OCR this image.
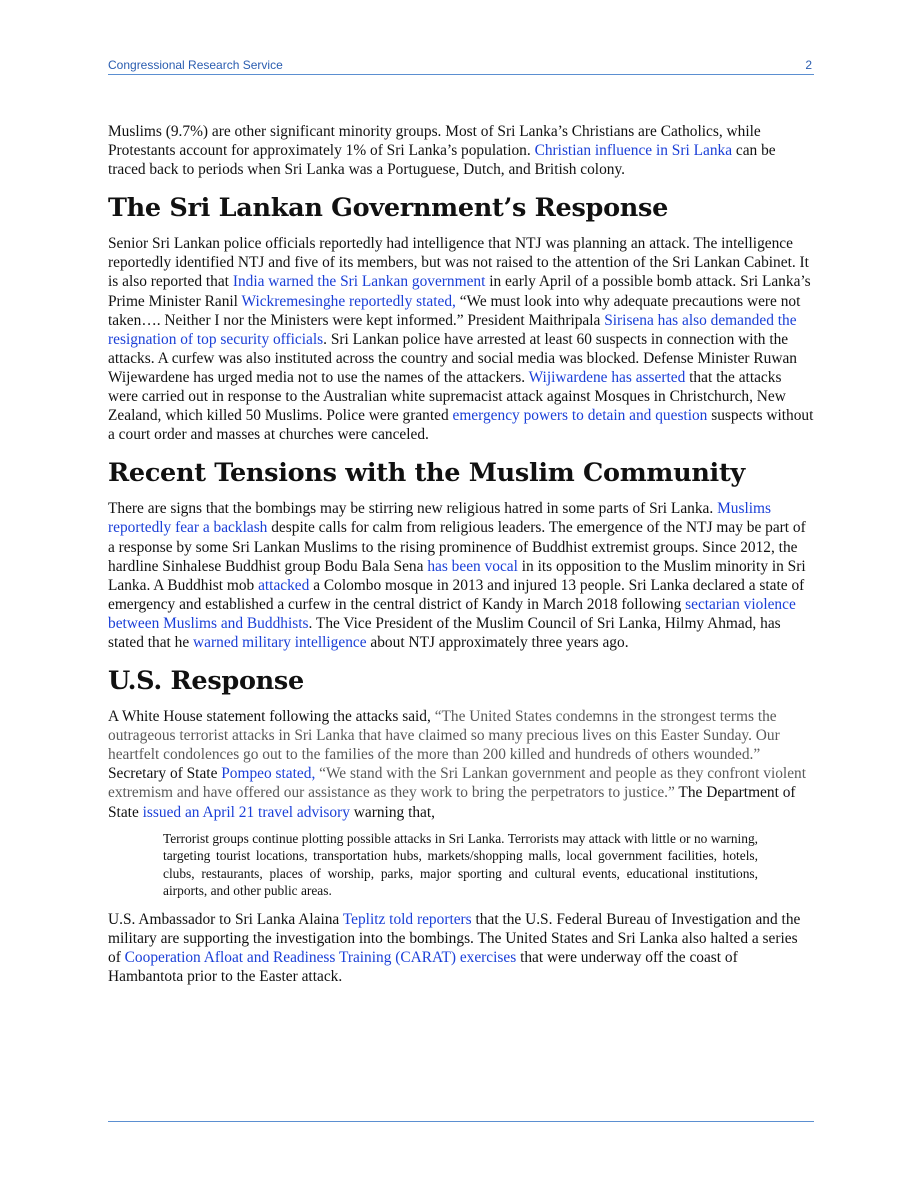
Congressional Research Service	2

Muslims (9.7%) are other significant minority groups. Most of Sri Lanka’s Christians are Catholics, while Protestants account for approximately 1% of Sri Lanka’s population. Christian influence in Sri Lanka can be traced back to periods when Sri Lanka was a Portuguese, Dutch, and British colony.

The Sri Lankan Government’s Response

Senior Sri Lankan police officials reportedly had intelligence that NTJ was planning an attack. The intelligence reportedly identified NTJ and five of its members, but was not raised to the attention of the Sri Lankan Cabinet. It is also reported that India warned the Sri Lankan government in early April of a possible bomb attack. Sri Lanka’s Prime Minister Ranil Wickremesinghe reportedly stated, “We must look into why adequate precautions were not taken…. Neither I nor the Ministers were kept informed.” President Maithripala Sirisena has also demanded the resignation of top security officials. Sri Lankan police have arrested at least 60 suspects in connection with the attacks. A curfew was also instituted across the country and social media was blocked. Defense Minister Ruwan Wijewardene has urged media not to use the names of the attackers. Wijiwardene has asserted that the attacks were carried out in response to the Australian white supremacist attack against Mosques in Christchurch, New Zealand, which killed 50 Muslims. Police were granted emergency powers to detain and question suspects without a court order and masses at churches were canceled.

Recent Tensions with the Muslim Community

There are signs that the bombings may be stirring new religious hatred in some parts of Sri Lanka. Muslims reportedly fear a backlash despite calls for calm from religious leaders. The emergence of the NTJ may be part of a response by some Sri Lankan Muslims to the rising prominence of Buddhist extremist groups. Since 2012, the hardline Sinhalese Buddhist group Bodu Bala Sena has been vocal in its opposition to the Muslim minority in Sri Lanka. A Buddhist mob attacked a Colombo mosque in 2013 and injured 13 people. Sri Lanka declared a state of emergency and established a curfew in the central district of Kandy in March 2018 following sectarian violence between Muslims and Buddhists. The Vice President of the Muslim Council of Sri Lanka, Hilmy Ahmad, has stated that he warned military intelligence about NTJ approximately three years ago.

U.S. Response

A White House statement following the attacks said, “The United States condemns in the strongest terms the outrageous terrorist attacks in Sri Lanka that have claimed so many precious lives on this Easter Sunday. Our heartfelt condolences go out to the families of the more than 200 killed and hundreds of others wounded.” Secretary of State Pompeo stated, “We stand with the Sri Lankan government and people as they confront violent extremism and have offered our assistance as they work to bring the perpetrators to justice.” The Department of State issued an April 21 travel advisory warning that,

Terrorist groups continue plotting possible attacks in Sri Lanka. Terrorists may attack with little or no warning, targeting tourist locations, transportation hubs, markets/shopping malls, local government facilities, hotels, clubs, restaurants, places of worship, parks, major sporting and cultural events, educational institutions, airports, and other public areas.

U.S. Ambassador to Sri Lanka Alaina Teplitz told reporters that the U.S. Federal Bureau of Investigation and the military are supporting the investigation into the bombings. The United States and Sri Lanka also halted a series of Cooperation Afloat and Readiness Training (CARAT) exercises that were underway off the coast of Hambantota prior to the Easter attack.
